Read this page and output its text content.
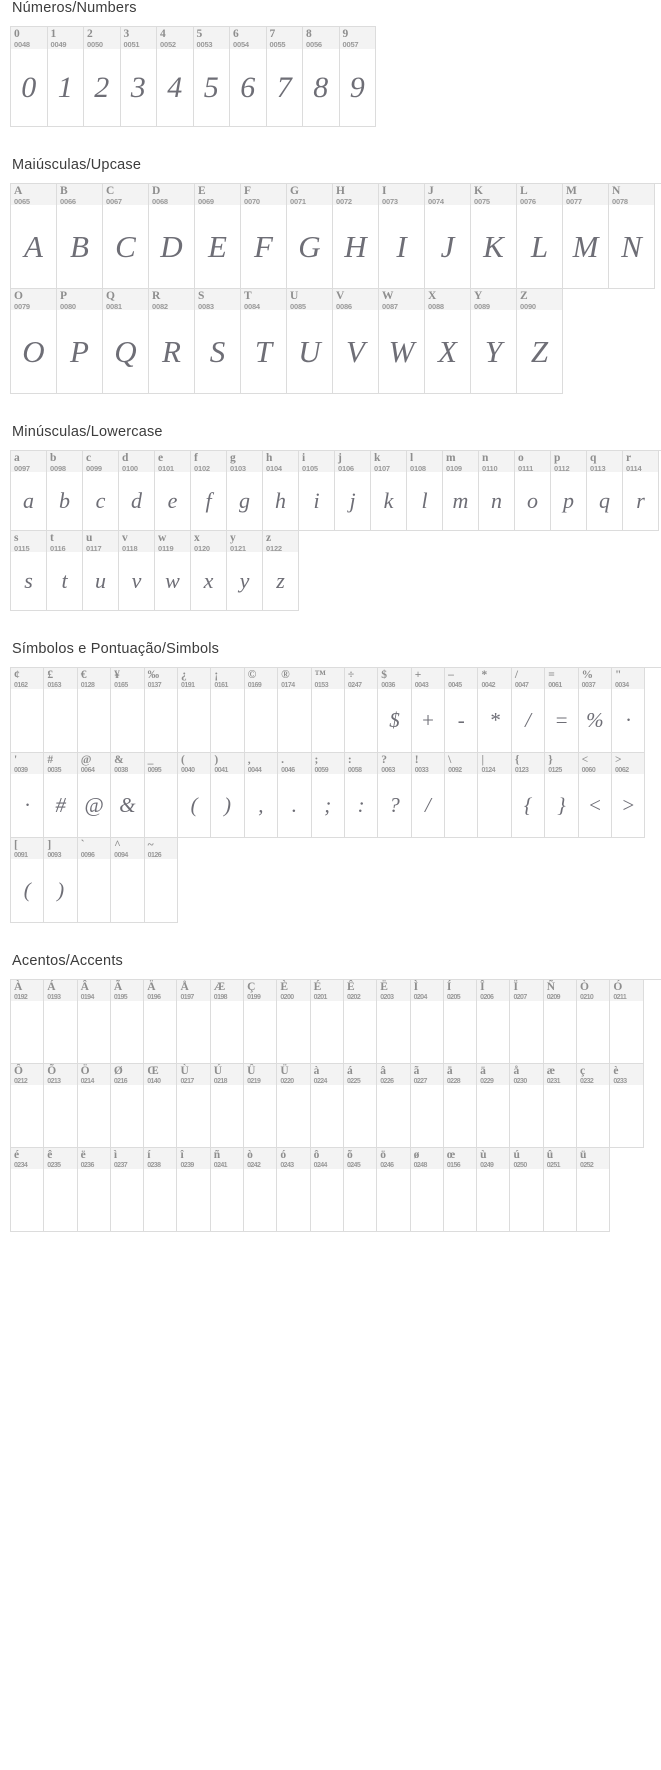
Números/Numbers
0
0048
0
1
0049
1
2
0050
2
3
0051
3
4
0052
4
5
0053
5
6
0054
6
7
0055
7
8
0056
8
9
0057
9
Maiúsculas/Upcase
A
0065
A
B
0066
B
C
0067
C
D
0068
D
E
0069
E
F
0070
F
G
0071
G
H
0072
H
I
0073
I
J
0074
J
K
0075
K
L
0076
L
M
0077
M
N
0078
N
O
0079
O
P
0080
P
Q
0081
Q
R
0082
R
S
0083
S
T
0084
T
U
0085
U
V
0086
V
W
0087
W
X
0088
X
Y
0089
Y
Z
0090
Z
Minúsculas/Lowercase
a
0097
a
b
0098
b
c
0099
c
d
0100
d
e
0101
e
f
0102
f
g
0103
g
h
0104
h
i
0105
i
j
0106
j
k
0107
k
l
0108
l
m
0109
m
n
0110
n
o
0111
o
p
0112
p
q
0113
q
r
0114
r
s
0115
s
t
0116
t
u
0117
u
v
0118
v
w
0119
w
x
0120
x
y
0121
y
z
0122
z
Símbolos e Pontuação/Simbols
¢
0162
£
0163
€
0128
¥
0165
‰
0137
¿
0191
¡
0161
©
0169
®
0174
™
0153
÷
0247
$
0036
$
+
0043
+
–
0045
-
*
0042
*
/
0047
/
=
0061
=
%
0037
%
"
0034
·
'
0039
·
#
0035
#
@
0064
@
&
0038
&
_
0095
(
0040
(
)
0041
)
,
0044
,
.
0046
.
;
0059
;
:
0058
:
?
0063
?
!
0033
/
\
0092
|
0124
{
0123
{
}
0125
}
<
0060
<
>
0062
>
[
0091
(
]
0093
)
`
0096
^
0094
~
0126
Acentos/Accents
À
0192
Á
0193
Â
0194
Ã
0195
Ä
0196
Å
0197
Æ
0198
Ç
0199
È
0200
É
0201
Ê
0202
Ë
0203
Ì
0204
Í
0205
Î
0206
Ï
0207
Ñ
0209
Ò
0210
Ó
0211
Ô
0212
Õ
0213
Ö
0214
Ø
0216
Œ
0140
Ù
0217
Ú
0218
Û
0219
Ü
0220
à
0224
á
0225
â
0226
ã
0227
ā
0228
ä
0229
å
0230
æ
0231
ç
0232
è
0233
é
0234
ê
0235
ë
0236
ì
0237
í
0238
î
0239
ñ
0241
ò
0242
ó
0243
ô
0244
õ
0245
ö
0246
ø
0248
œ
0156
ù
0249
ú
0250
û
0251
ü
0252
